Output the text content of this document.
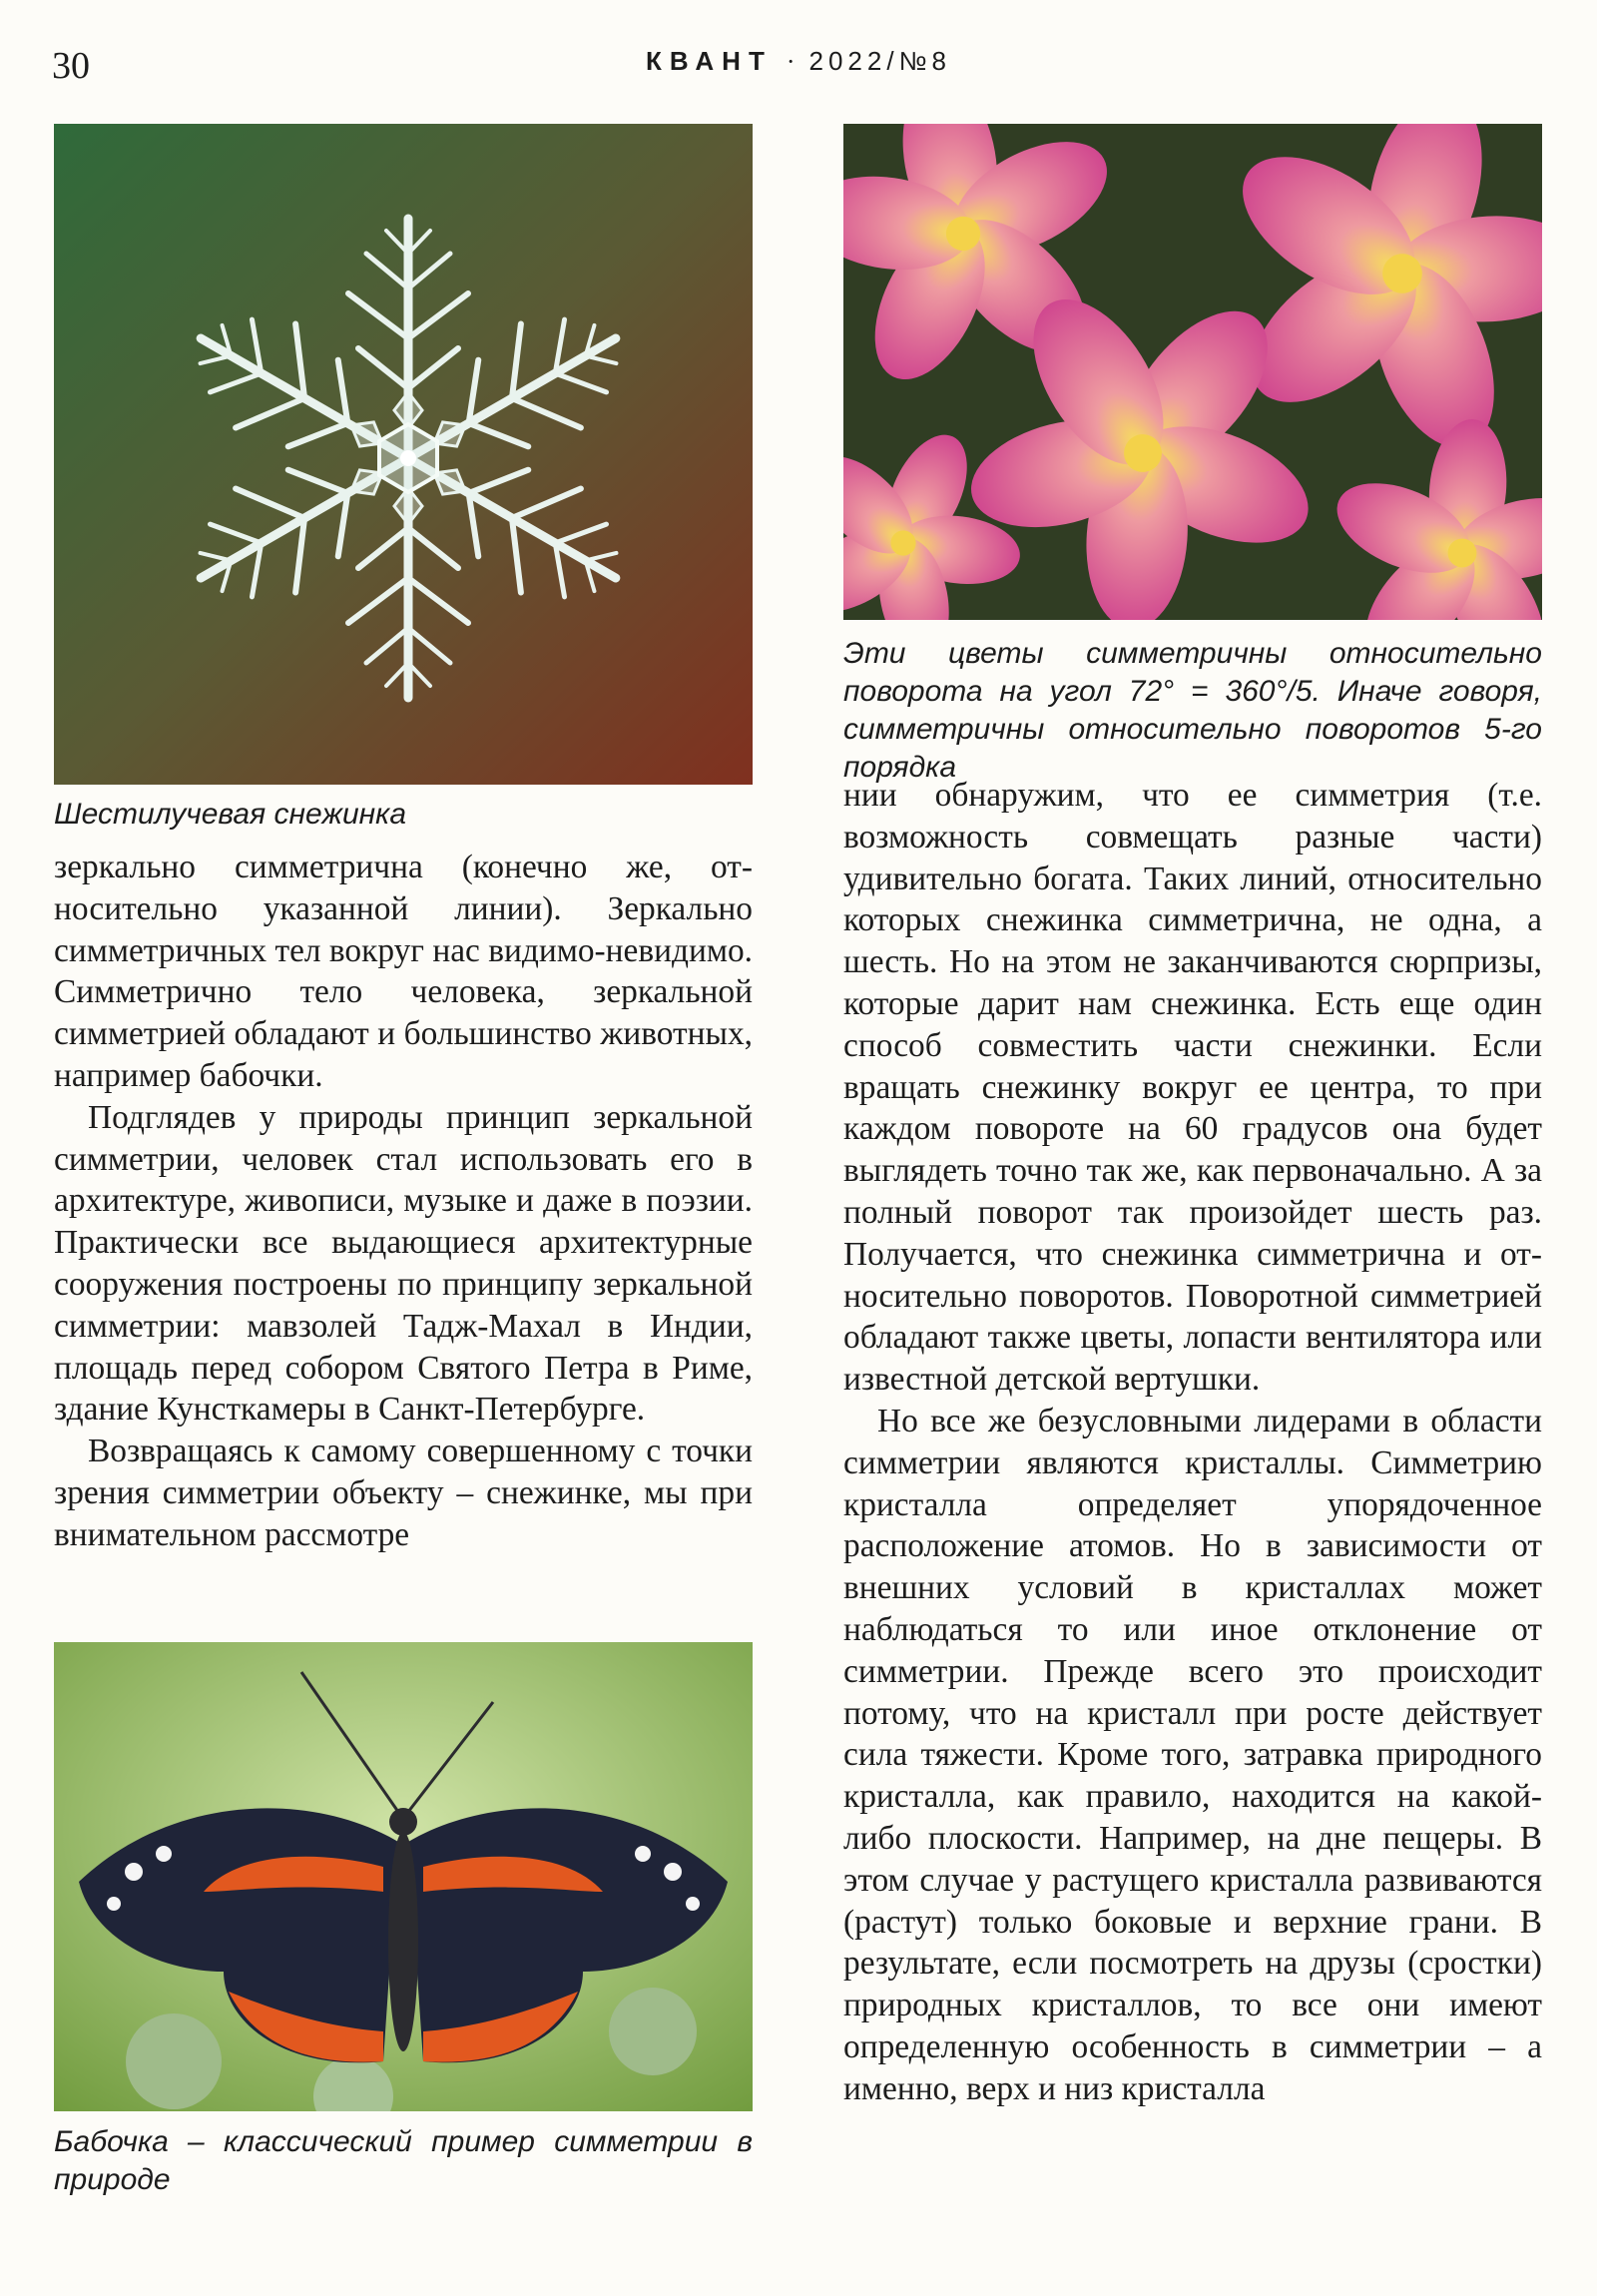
30	КВАНТ · 2022/№8
Шестилучевая снежинка
Эти цветы симметричны относительно поворота на угол 72° = 360°/5. Иначе говоря, симметричны относительно поворотов 5-го порядка
Бабочка – классический пример симметрии в природе

зеркально симметрична (конечно же, относительно указанной линии). Зеркально симметричных тел вокруг нас видимо-невидимо. Симметрично тело человека, зеркальной симметрией обладают и большинство животных, например бабочки.

Подглядев у природы принцип зеркальной симметрии, человек стал использовать его в архитектуре, живописи, музыке и даже в поэзии. Практически все выдающиеся архитектурные сооружения построены по принципу зеркальной симметрии: мавзолей Тадж-Махал в Индии, площадь перед собором Святого Петра в Риме, здание Кунсткамеры в Санкт-Петербурге.

Возвращаясь к самому совершенному с точки зрения симметрии объекту – снежинке, мы при внимательном рассмотре

нии обнаружим, что ее симметрия (т.е. возможность совмещать разные части) удивительно богата. Таких линий, относительно которых снежинка симметрична, не одна, а шесть. Но на этом не заканчиваются сюрпризы, которые дарит нам снежинка. Есть еще один способ совместить части снежинки. Если вращать снежинку вокруг ее центра, то при каждом повороте на 60 градусов она будет выглядеть точно так же, как первоначально. А за полный поворот так произойдет шесть раз. Получается, что снежинка симметрична и относительно поворотов. Поворотной симметрией обладают также цветы, лопасти вентилятора или известной детской вертушки.

Но все же безусловными лидерами в области симметрии являются кристаллы. Симметрию кристалла определяет упорядоченное расположение атомов. Но в зависимости от внешних условий в кристаллах может наблюдаться то или иное отклонение от симметрии. Прежде всего это происходит потому, что на кристалл при росте действует сила тяжести. Кроме того, затравка природного кристалла, как правило, находится на какой-либо плоскости. Например, на дне пещеры. В этом случае у растущего кристалла развиваются (растут) только боковые и верхние грани. В результате, если посмотреть на друзы (сростки) природных кристаллов, то все они имеют определенную особенность в симметрии – а именно, верх и низ кристалла
